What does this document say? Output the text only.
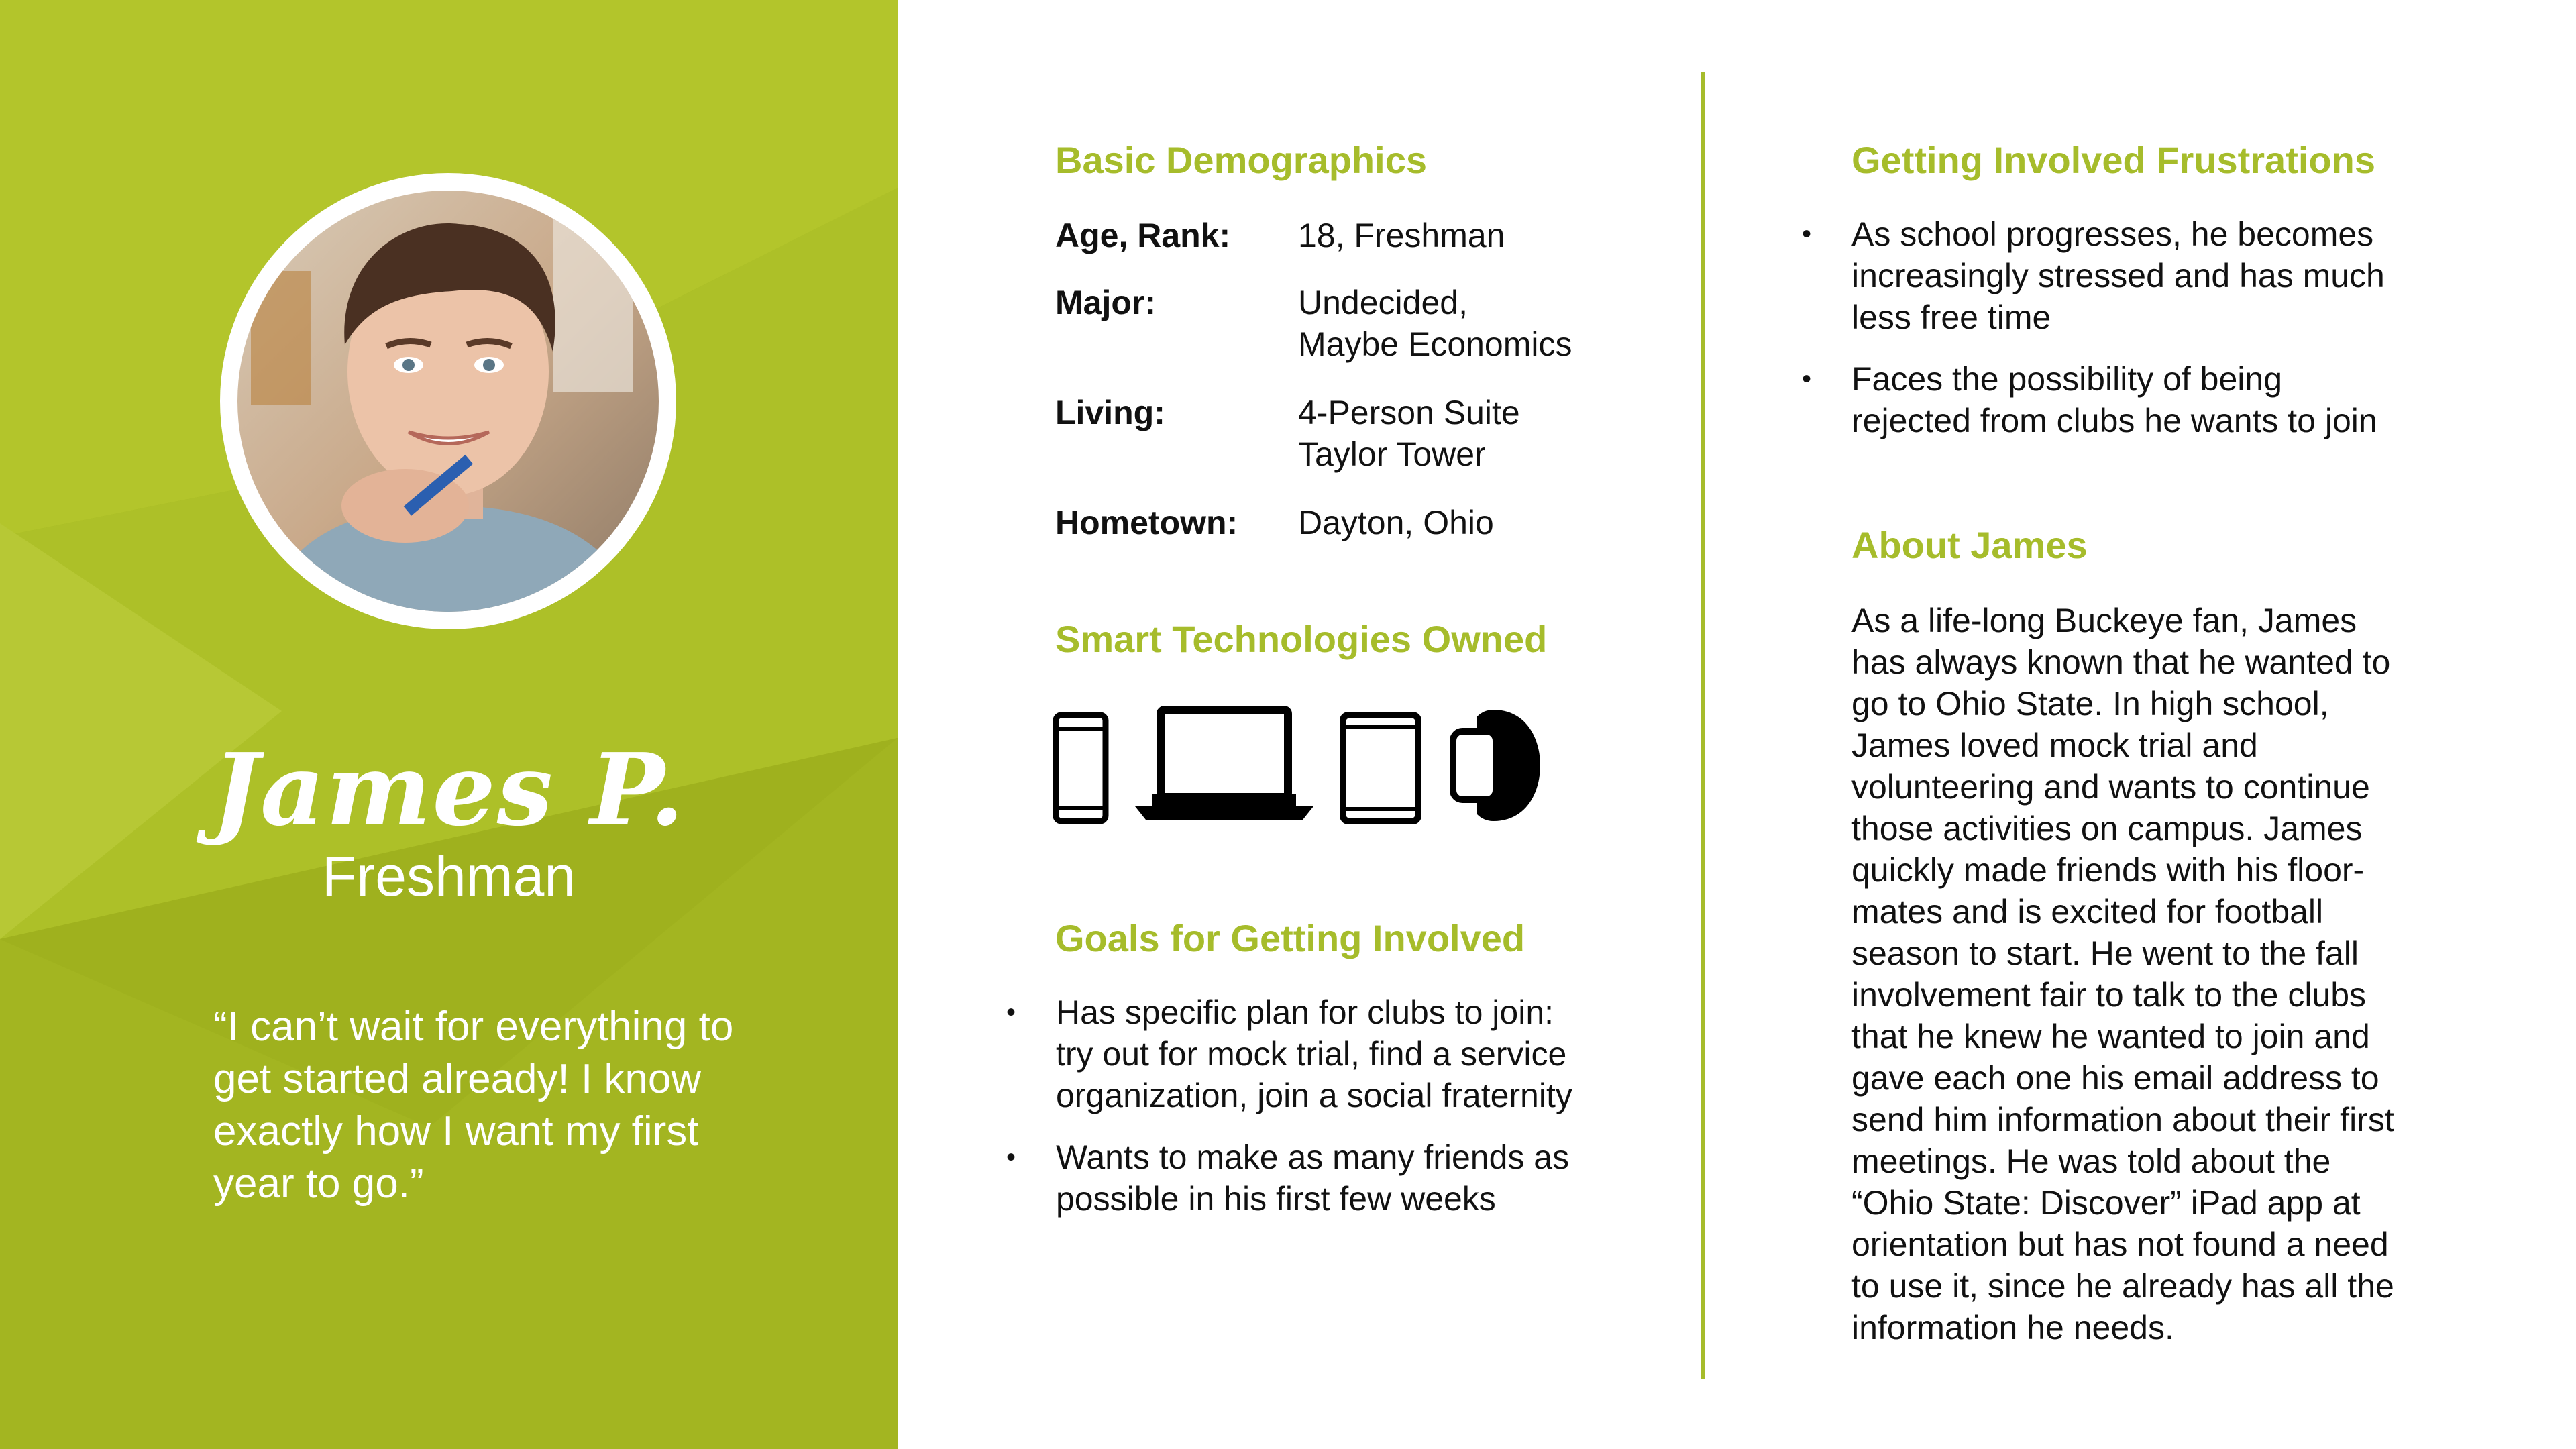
James P.
Freshman
“I can’t wait for everything to get started already! I know exactly how I want my first year to go.”
Basic Demographics
Age, Rank: 18, Freshman
Major:	Undecided,
Maybe Economics
Living:	4-Person Suite
Taylor Tower
Hometown: Dayton, Ohio
Smart Technologies Owned
Goals for Getting Involved
• Has specific plan for clubs to join: try out for mock trial, find a service organization, join a social fraternity
• Wants to make as many friends as possible in his first few weeks
Getting Involved Frustrations
• As school progresses, he becomes increasingly stressed and has much less free time
• Faces the possibility of being rejected from clubs he wants to join
About James
As a life-long Buckeye fan, James has always known that he wanted to go to Ohio State. In high school, James loved mock trial and volunteering and wants to continue those activities on campus. James quickly made friends with his floor-mates and is excited for football season to start. He went to the fall involvement fair to talk to the clubs that he knew he wanted to join and gave each one his email address to send him information about their first meetings. He was told about the “Ohio State: Discover” iPad app at orientation but has not found a need to use it, since he already has all the information he needs.
